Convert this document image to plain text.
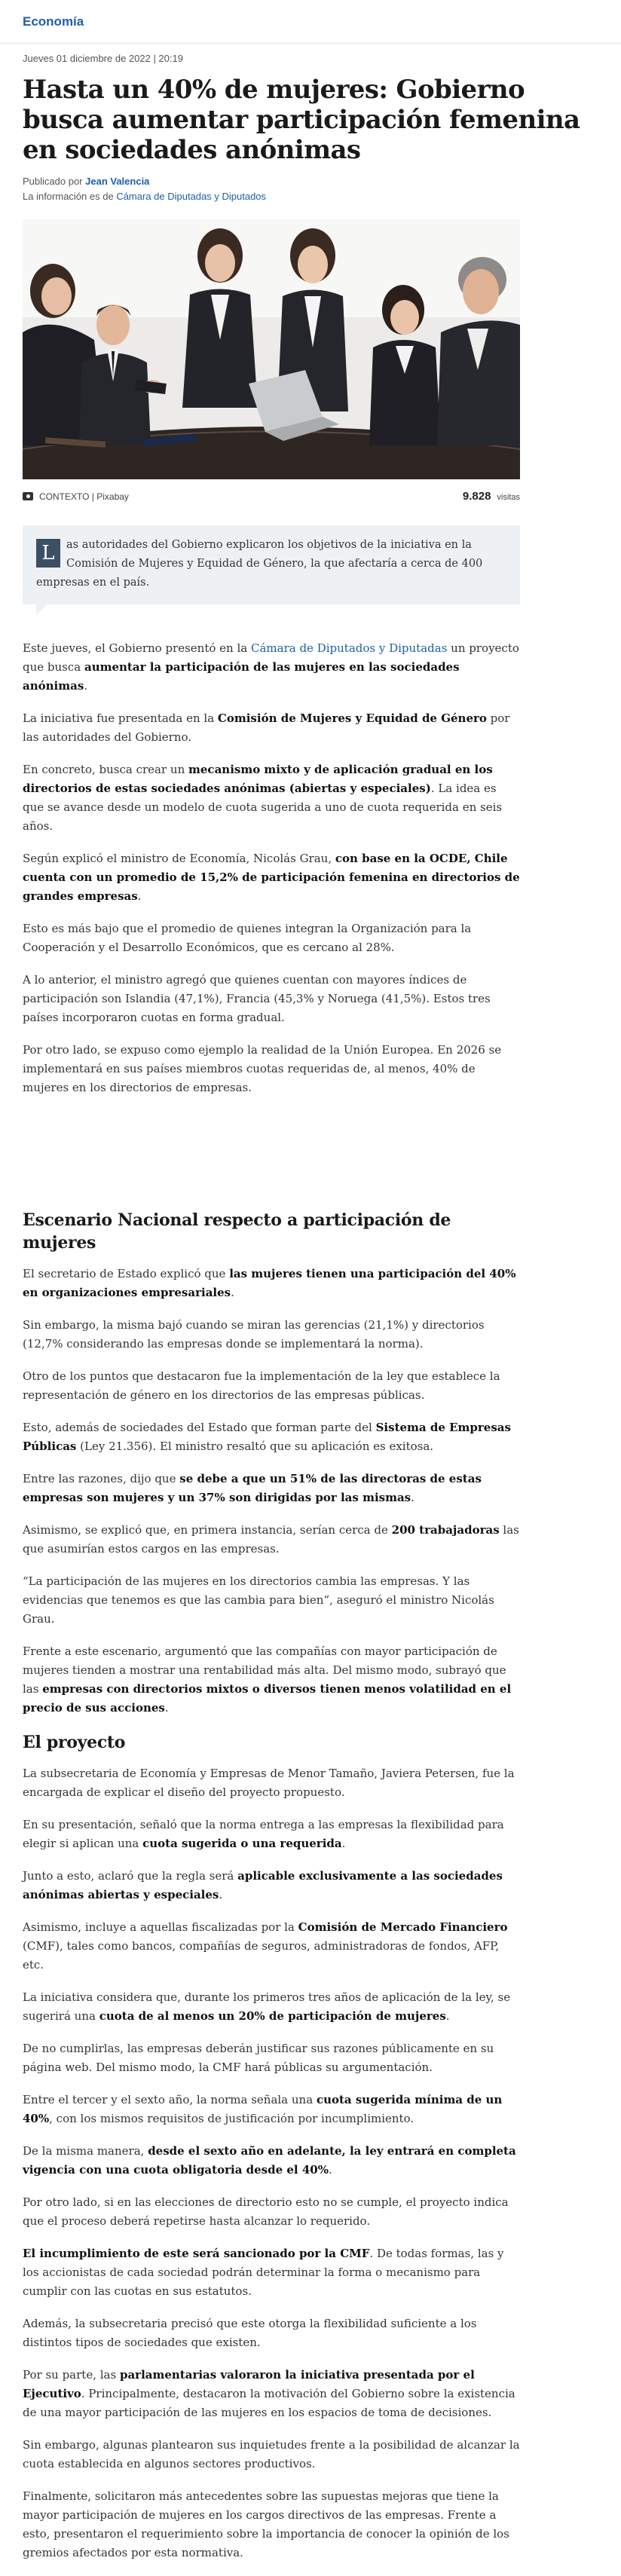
Economía
Jueves 01 diciembre de 2022 | 20:19
Hasta un 40% de mujeres: Gobierno busca aumentar participación femenina en sociedades anónimas
Publicado por Jean Valencia
La información es de Cámara de Diputadas y Diputados
CONTEXTO | Pixabay	9.828 visitas
L	as autoridades del Gobierno explicaron los objetivos de la iniciativa en la Comisión de Mujeres y Equidad de Género, la que afectaría a cerca de 400 empresas en el país.

Este jueves, el Gobierno presentó en la Cámara de Diputados y Diputadas un proyecto que busca aumentar la participación de las mujeres en las sociedades anónimas.

La iniciativa fue presentada en la Comisión de Mujeres y Equidad de Género por las autoridades del Gobierno.

En concreto, busca crear un mecanismo mixto y de aplicación gradual en los directorios de estas sociedades anónimas (abiertas y especiales). La idea es que se avance desde un modelo de cuota sugerida a uno de cuota requerida en seis años.

Según explicó el ministro de Economía, Nicolás Grau, con base en la OCDE, Chile cuenta con un promedio de 15,2% de participación femenina en directorios de grandes empresas.

Esto es más bajo que el promedio de quienes integran la Organización para la Cooperación y el Desarrollo Económicos, que es cercano al 28%.

A lo anterior, el ministro agregó que quienes cuentan con mayores índices de participación son Islandia (47,1%), Francia (45,3% y Noruega (41,5%). Estos tres países incorporaron cuotas en forma gradual.

Por otro lado, se expuso como ejemplo la realidad de la Unión Europea. En 2026 se implementará en sus países miembros cuotas requeridas de, al menos, 40% de mujeres en los directorios de empresas.

Escenario Nacional respecto a participación de mujeres

El secretario de Estado explicó que las mujeres tienen una participación del 40% en organizaciones empresariales.

Sin embargo, la misma bajó cuando se miran las gerencias (21,1%) y directorios (12,7% considerando las empresas donde se implementará la norma).

Otro de los puntos que destacaron fue la implementación de la ley que establece la representación de género en los directorios de las empresas públicas.

Esto, además de sociedades del Estado que forman parte del Sistema de Empresas Públicas (Ley 21.356). El ministro resaltó que su aplicación es exitosa.

Entre las razones, dijo que se debe a que un 51% de las directoras de estas empresas son mujeres y un 37% son dirigidas por las mismas.

Asimismo, se explicó que, en primera instancia, serían cerca de 200 trabajadoras las que asumirían estos cargos en las empresas.

“La participación de las mujeres en los directorios cambia las empresas. Y las evidencias que tenemos es que las cambia para bien”, aseguró el ministro Nicolás Grau.

Frente a este escenario, argumentó que las compañías con mayor participación de mujeres tienden a mostrar una rentabilidad más alta. Del mismo modo, subrayó que las empresas con directorios mixtos o diversos tienen menos volatilidad en el precio de sus acciones.

El proyecto

La subsecretaria de Economía y Empresas de Menor Tamaño, Javiera Petersen, fue la encargada de explicar el diseño del proyecto propuesto.

En su presentación, señaló que la norma entrega a las empresas la flexibilidad para elegir si aplican una cuota sugerida o una requerida.

Junto a esto, aclaró que la regla será aplicable exclusivamente a las sociedades anónimas abiertas y especiales.

Asimismo, incluye a aquellas fiscalizadas por la Comisión de Mercado Financiero (CMF), tales como bancos, compañías de seguros, administradoras de fondos, AFP, etc.

La iniciativa considera que, durante los primeros tres años de aplicación de la ley, se sugerirá una cuota de al menos un 20% de participación de mujeres.

De no cumplirlas, las empresas deberán justificar sus razones públicamente en su página web. Del mismo modo, la CMF hará públicas su argumentación.

Entre el tercer y el sexto año, la norma señala una cuota sugerida mínima de un 40%, con los mismos requisitos de justificación por incumplimiento.

De la misma manera, desde el sexto año en adelante, la ley entrará en completa vigencia con una cuota obligatoria desde el 40%.

Por otro lado, si en las elecciones de directorio esto no se cumple, el proyecto indica que el proceso deberá repetirse hasta alcanzar lo requerido.

El incumplimiento de este será sancionado por la CMF. De todas formas, las y los accionistas de cada sociedad podrán determinar la forma o mecanismo para cumplir con las cuotas en sus estatutos.

Además, la subsecretaria precisó que este otorga la flexibilidad suficiente a los distintos tipos de sociedades que existen.

Por su parte, las parlamentarias valoraron la iniciativa presentada por el Ejecutivo. Principalmente, destacaron la motivación del Gobierno sobre la existencia de una mayor participación de las mujeres en los espacios de toma de decisiones.

Sin embargo, algunas plantearon sus inquietudes frente a la posibilidad de alcanzar la cuota establecida en algunos sectores productivos.

Finalmente, solicitaron más antecedentes sobre las supuestas mejoras que tiene la mayor participación de mujeres en los cargos directivos de las empresas. Frente a esto, presentaron el requerimiento sobre la importancia de conocer la opinión de los gremios afectados por esta normativa.
